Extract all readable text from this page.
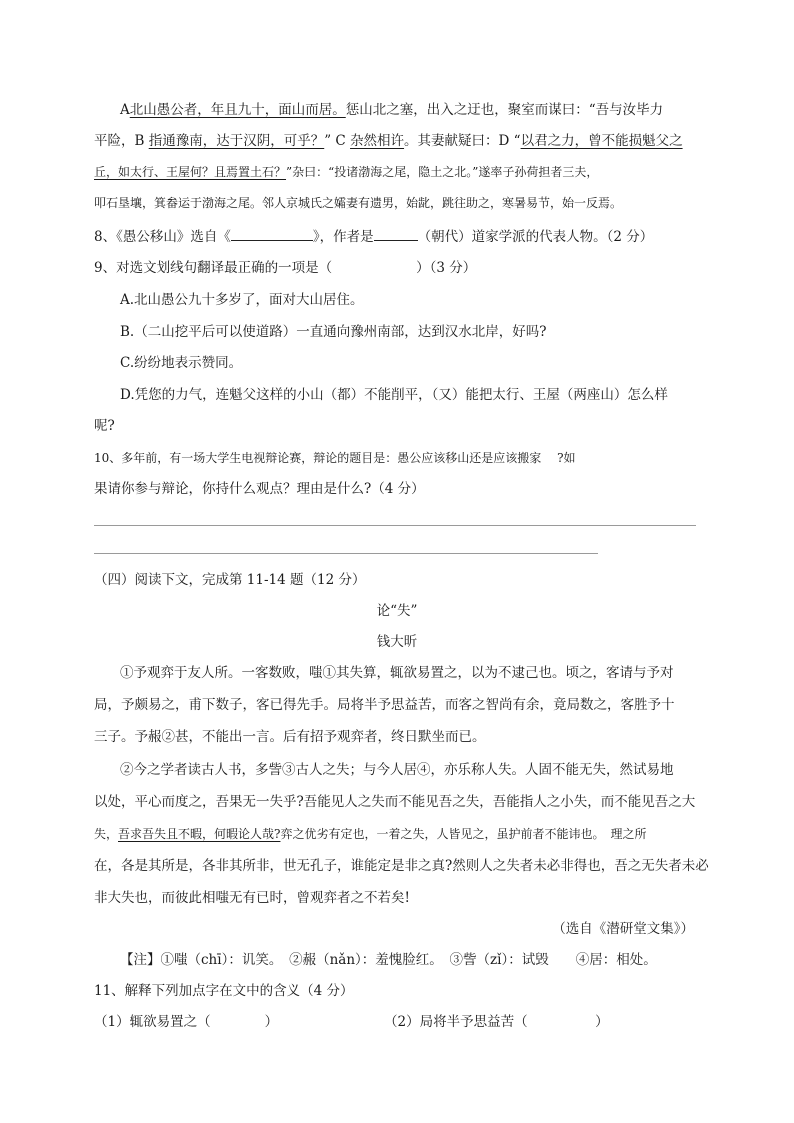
A北山愚公者，年且九十，面山而居。惩山北之塞，出入之迂也，聚室而谋曰：“吾与汝毕力
平险，B 指通豫南，达于汉阴，可乎？” C 杂然相许。其妻献疑曰：D “以君之力，曾不能损魁父之
丘，如太行、王屋何？且焉置土石？”杂曰：“投诸渤海之尾，隐土之北。”遂率子孙荷担者三夫，
叩石垦壤，箕畚运于渤海之尾。邻人京城氏之孀妻有遗男，始龀，跳往助之，寒暑易节，始一反焉。
8、《愚公移山》选自《	》，作者是	（朝代）道家学派的代表人物。（2 分）
9、对选文划线句翻译最正确的一项是（	）（3 分）
A.北山愚公九十多岁了，面对大山居住。
B.（二山挖平后可以使道路）一直通向豫州南部，达到汉水北岸，好吗?
C.纷纷地表示赞同。
D.凭您的力气，连魁父这样的小山（都）不能削平，（又）能把太行、王屋（两座山）怎么样
呢?
10、多年前，有一场大学生电视辩论赛，辩论的题目是：愚公应该移山还是应该搬家　 ?如
果请你参与辩论，你持什么观点？理由是什么?（4 分）
（四）阅读下文，完成第 11-14 题（12 分）
论“失”
钱大昕
①予观弈于友人所。一客数败，嗤①其失算，辄欲易置之，以为不逮己也。顷之，客请与予对
局，予颇易之，甫下数子，客已得先手。局将半予思益苦，而客之智尚有余，竟局数之，客胜予十
三子。予赧②甚，不能出一言。后有招予观弈者，终日默坐而已。
②今之学者读古人书，多訾③古人之失；与今人居④，亦乐称人失。人固不能无失，然试易地
以处，平心而度之，吾果无一失乎?吾能见人之失而不能见吾之失，吾能指人之小失，而不能见吾之大
失，吾求吾失且不暇，何暇论人哉?弈之优劣有定也，一着之失，人皆见之，虽护前者不能讳也。　理之所
在，各是其所是，各非其所非，世无孔子，谁能定是非之真?然则人之失者未必非得也，吾之无失者未必
非大失也，而彼此相嗤无有已时，曾观弈者之不若矣!
（选自《潜研堂文集》）
【注】①嗤（chī）：讥笑。　②赧（nǎn）：羞愧脸红。　③訾（zǐ）：试毁　　④居：相处。
11、解释下列加点字在文中的含义（4 分）
（1）辄欲易置之（　　　　）	（2）局将半予思益苦（　　　　　）
